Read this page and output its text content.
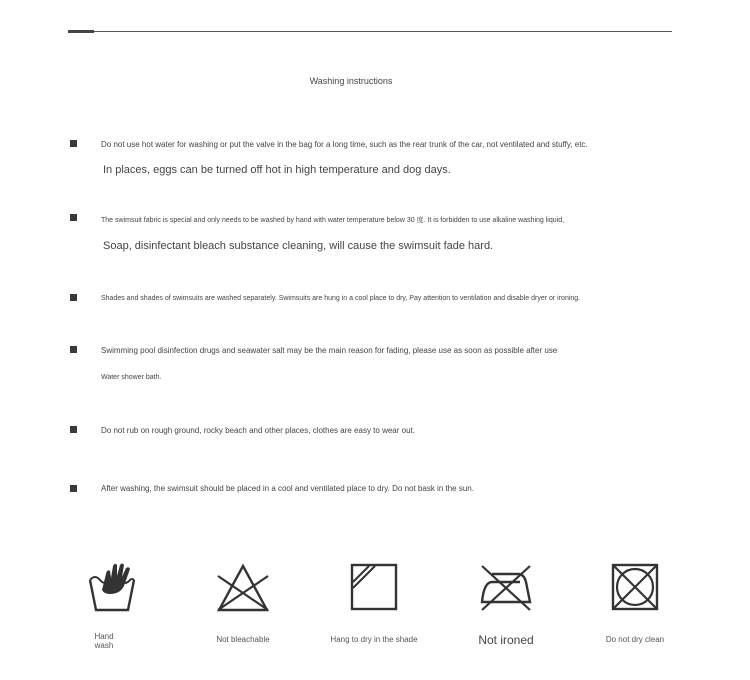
Washing instructions
Do not use hot water for washing or put the valve in the bag for a long time, such as the rear trunk of the car, not ventilated and stuffy, etc.
In places, eggs can be turned off hot in high temperature and dog days.
The swimsuit fabric is special and only needs to be washed by hand with water temperature below 30 度. It is forbidden to use alkaline washing liquid,
Soap, disinfectant bleach substance cleaning, will cause the swimsuit fade hard.
Shades and shades of swimsuits are washed separately. Swimsuits are hung in a cool place to dry, Pay attention to ventilation and disable dryer or ironing.
Swimming pool disinfection drugs and seawater salt may be the main reason for fading, please use as soon as possible after use
Water shower bath.
Do not rub on rough ground, rocky beach and other places, clothes are easy to wear out.
After washing, the swimsuit should be placed in a cool and ventilated place to dry. Do not bask in the sun.
Hand
wash
Not bleachable	Hang to dry in the shade	Not ironed	Do not dry clean
